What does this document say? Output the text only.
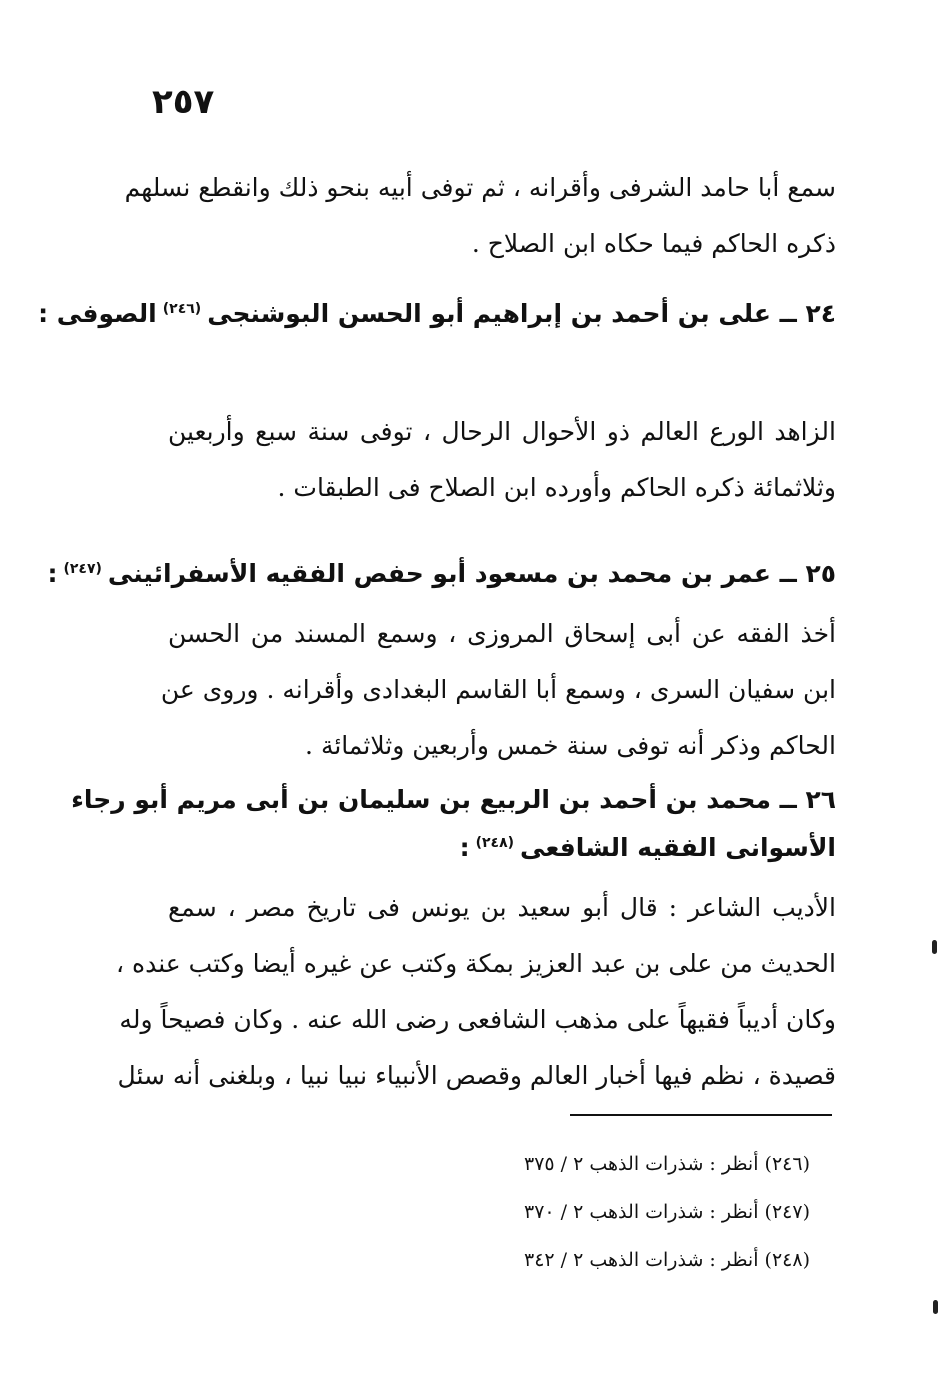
٢٥٧
سمع أبا حامد الشرفى وأقرانه ، ثم توفى أبيه بنحو ذلك وانقطع نسلهم
ذكره الحاكم فيما حكاه ابن الصلاح .
٢٤ ــ على بن أحمد بن إبراهيم أبو الحسن البوشنجى$^{(٢٤٦)}$الصوفى :
الزاهد الورع العالم ذو الأحوال الرحال ، توفى سنة سبع وأربعين
وثلاثمائة ذكره الحاكم وأورده ابن الصلاح فى الطبقات .
٢٥ ــ عمر بن محمد بن مسعود أبو حفص الفقيه الأسفرائينى$^{(٢٤٧)}$:
أخذ الفقه عن أبى إسحاق المروزى ، وسمع المسند من الحسن
ابن سفيان السرى ، وسمع أبا القاسم البغدادى وأقرانه . وروى عن
الحاكم وذكر أنه توفى سنة خمس وأربعين وثلاثمائة .
٢٦ ــ محمد بن أحمد بن الربيع بن سليمان بن أبى مريم أبو رجاء
الأسوانى الفقيه الشافعى$^{(٢٤٨)}$:
الأديب الشاعر : قال أبو سعيد بن يونس فى تاريخ مصر ، سمع
الحديث من على بن عبد العزيز بمكة وكتب عن غيره أيضا وكتب عنده ،
وكان أديباً فقيهاً على مذهب الشافعى رضى الله عنه . وكان فصيحاً وله
قصيدة ، نظم فيها أخبار العالم وقصص الأنبياء نبيا نبيا ، وبلغنى أنه سئل
(٢٤٦) أنظر : شذرات الذهب ٢ / ٣٧٥
(٢٤٧) أنظر : شذرات الذهب ٢ / ٣٧٠
(٢٤٨) أنظر : شذرات الذهب ٢ / ٣٤٢
